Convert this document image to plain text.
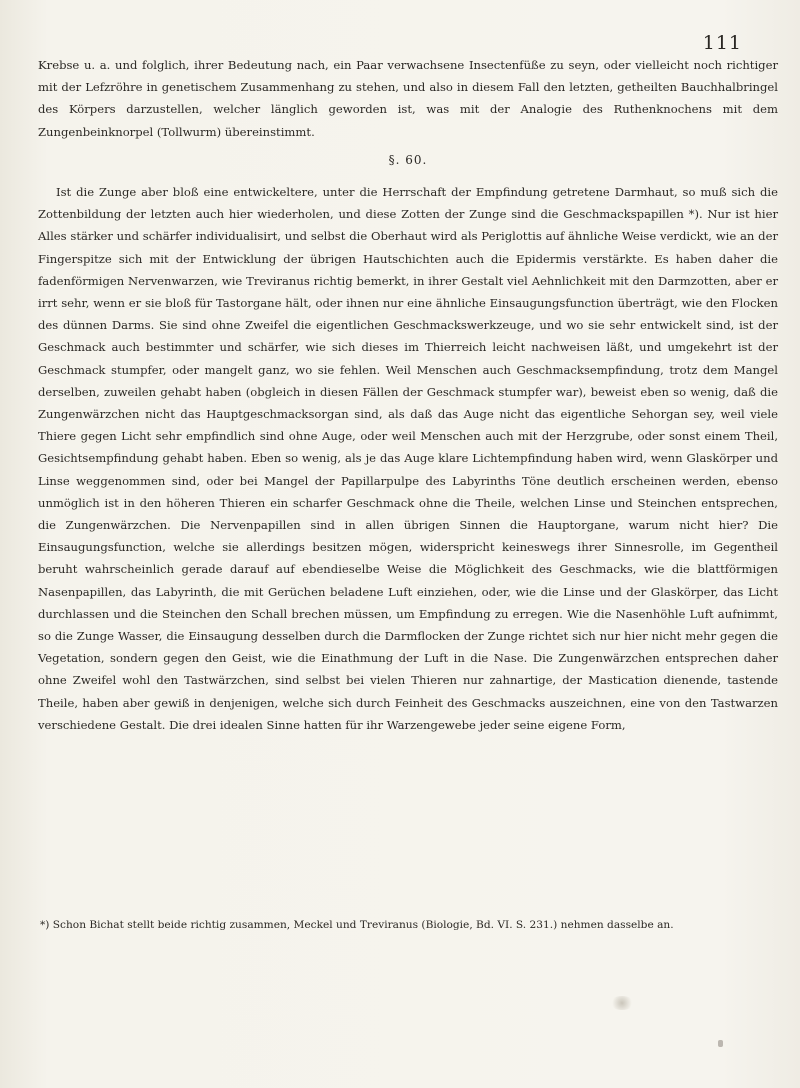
111

Krebse u. a. und folglich, ihrer Bedeutung nach, ein Paar verwachsene Insectenfüße zu seyn, oder vielleicht noch richtiger mit der Lefzröhre in genetischem Zusammenhang zu stehen, und also in diesem Fall den letzten, getheilten Bauchhalbringel des Körpers darzustellen, welcher länglich geworden ist, was mit der Analogie des Ruthenknochens mit dem Zungenbeinknorpel (Tollwurm) übereinstimmt.

§. 60.

Ist die Zunge aber bloß eine entwickeltere, unter die Herrschaft der Empfindung getretene Darmhaut, so muß sich die Zottenbildung der letzten auch hier wiederholen, und diese Zotten der Zunge sind die Geschmackspapillen *). Nur ist hier Alles stärker und schärfer individualisirt, und selbst die Oberhaut wird als Periglottis auf ähnliche Weise verdickt, wie an der Fingerspitze sich mit der Entwicklung der übrigen Hautschichten auch die Epidermis verstärkte. Es haben daher die fadenförmigen Nervenwarzen, wie Treviranus richtig bemerkt, in ihrer Gestalt viel Aehnlichkeit mit den Darmzotten, aber er irrt sehr, wenn er sie bloß für Tastorgane hält, oder ihnen nur eine ähnliche Einsaugungsfunction überträgt, wie den Flocken des dünnen Darms. Sie sind ohne Zweifel die eigentlichen Geschmackswerkzeuge, und wo sie sehr entwickelt sind, ist der Geschmack auch bestimmter und schärfer, wie sich dieses im Thierreich leicht nachweisen läßt, und umgekehrt ist der Geschmack stumpfer, oder mangelt ganz, wo sie fehlen. Weil Menschen auch Geschmacksempfindung, trotz dem Mangel derselben, zuweilen gehabt haben (obgleich in diesen Fällen der Geschmack stumpfer war), beweist eben so wenig, daß die Zungenwärzchen nicht das Hauptgeschmacksorgan sind, als daß das Auge nicht das eigentliche Sehorgan sey, weil viele Thiere gegen Licht sehr empfindlich sind ohne Auge, oder weil Menschen auch mit der Herzgrube, oder sonst einem Theil, Gesichtsempfindung gehabt haben. Eben so wenig, als je das Auge klare Lichtempfindung haben wird, wenn Glaskörper und Linse weggenommen sind, oder bei Mangel der Papillarpulpe des Labyrinths Töne deutlich erscheinen werden, ebenso unmöglich ist in den höheren Thieren ein scharfer Geschmack ohne die Theile, welchen Linse und Steinchen entsprechen, die Zungenwärzchen. Die Nervenpapillen sind in allen übrigen Sinnen die Hauptorgane, warum nicht hier? Die Einsaugungsfunction, welche sie allerdings besitzen mögen, widerspricht keineswegs ihrer Sinnesrolle, im Gegentheil beruht wahrscheinlich gerade darauf auf ebendieselbe Weise die Möglichkeit des Geschmacks, wie die blattförmigen Nasenpapillen, das Labyrinth, die mit Gerüchen beladene Luft einziehen, oder, wie die Linse und der Glaskörper, das Licht durchlassen und die Steinchen den Schall brechen müssen, um Empfindung zu erregen. Wie die Nasenhöhle Luft aufnimmt, so die Zunge Wasser, die Einsaugung desselben durch die Darmflocken der Zunge richtet sich nur hier nicht mehr gegen die Vegetation, sondern gegen den Geist, wie die Einathmung der Luft in die Nase. Die Zungenwärzchen entsprechen daher ohne Zweifel wohl den Tastwärzchen, sind selbst bei vielen Thieren nur zahnartige, der Mastication dienende, tastende Theile, haben aber gewiß in denjenigen, welche sich durch Feinheit des Geschmacks auszeichnen, eine von den Tastwarzen verschiedene Gestalt. Die drei idealen Sinne hatten für ihr Warzengewebe jeder seine eigene Form,

*) Schon Bichat stellt beide richtig zusammen, Meckel und Treviranus (Biologie, Bd. VI. S. 231.) nehmen dasselbe an.
